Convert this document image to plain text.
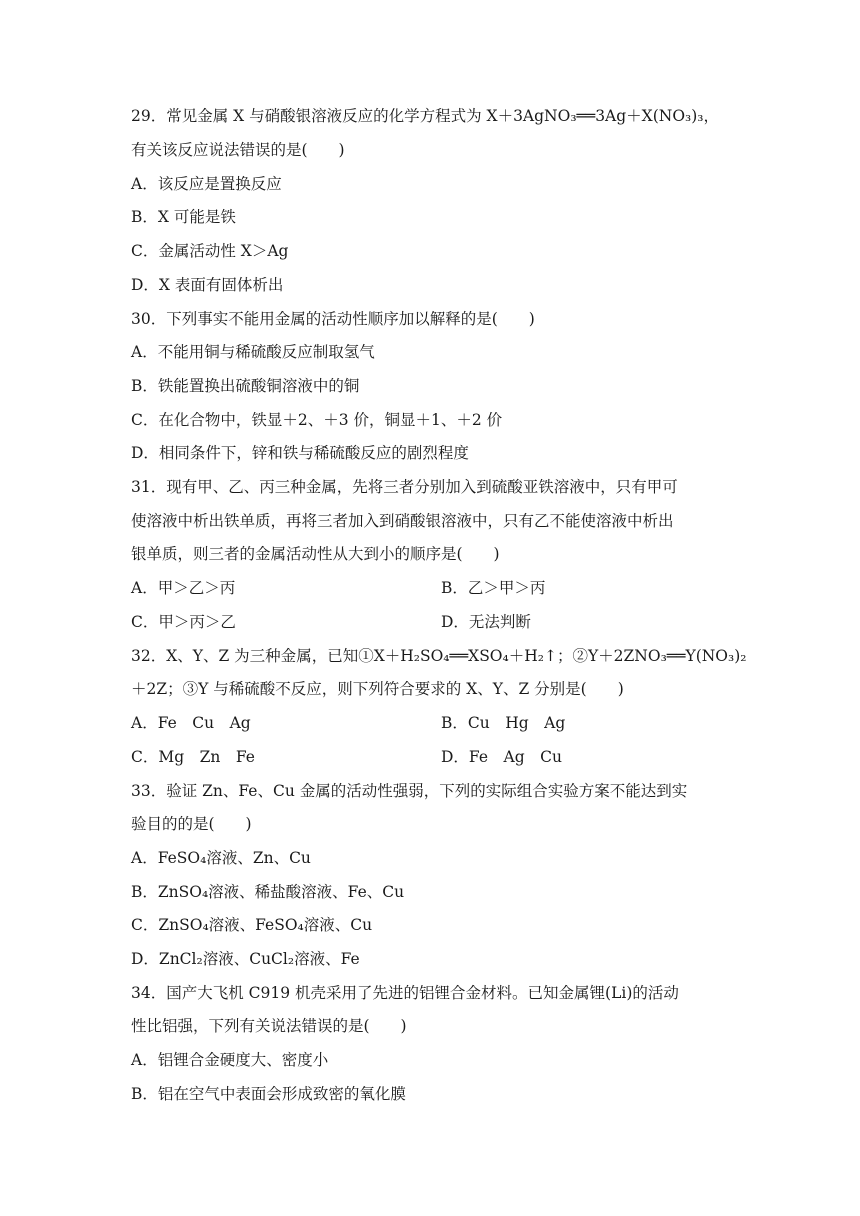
29．常见金属 X 与硝酸银溶液反应的化学方程式为 X＋3AgNO₃══3Ag＋X(NO₃)₃，
有关该反应说法错误的是(　　)
A．该反应是置换反应
B．X 可能是铁
C．金属活动性 X＞Ag
D．X 表面有固体析出
30．下列事实不能用金属的活动性顺序加以解释的是(　　)
A．不能用铜与稀硫酸反应制取氢气
B．铁能置换出硫酸铜溶液中的铜
C．在化合物中，铁显＋2、＋3 价，铜显＋1、＋2 价
D．相同条件下，锌和铁与稀硫酸反应的剧烈程度
31．现有甲、乙、丙三种金属，先将三者分别加入到硫酸亚铁溶液中，只有甲可
使溶液中析出铁单质，再将三者加入到硝酸银溶液中，只有乙不能使溶液中析出
银单质，则三者的金属活动性从大到小的顺序是(　　)
A．甲＞乙＞丙	B．乙＞甲＞丙
C．甲＞丙＞乙	D．无法判断
32．X、Y、Z 为三种金属，已知①X＋H₂SO₄══XSO₄＋H₂↑；②Y＋2ZNO₃══Y(NO₃)₂
＋2Z；③Y 与稀硫酸不反应，则下列符合要求的 X、Y、Z 分别是(　　)
A．Fe　Cu　Ag	B．Cu　Hg　Ag
C．Mg　Zn　Fe	D．Fe　Ag　Cu
33．验证 Zn、Fe、Cu 金属的活动性强弱，下列的实际组合实验方案不能达到实
验目的的是(　　)
A．FeSO₄溶液、Zn、Cu
B．ZnSO₄溶液、稀盐酸溶液、Fe、Cu
C．ZnSO₄溶液、FeSO₄溶液、Cu
D．ZnCl₂溶液、CuCl₂溶液、Fe
34．国产大飞机 C919 机壳采用了先进的铝锂合金材料。已知金属锂(Li)的活动
性比铝强，下列有关说法错误的是(　　)
A．铝锂合金硬度大、密度小
B．铝在空气中表面会形成致密的氧化膜
